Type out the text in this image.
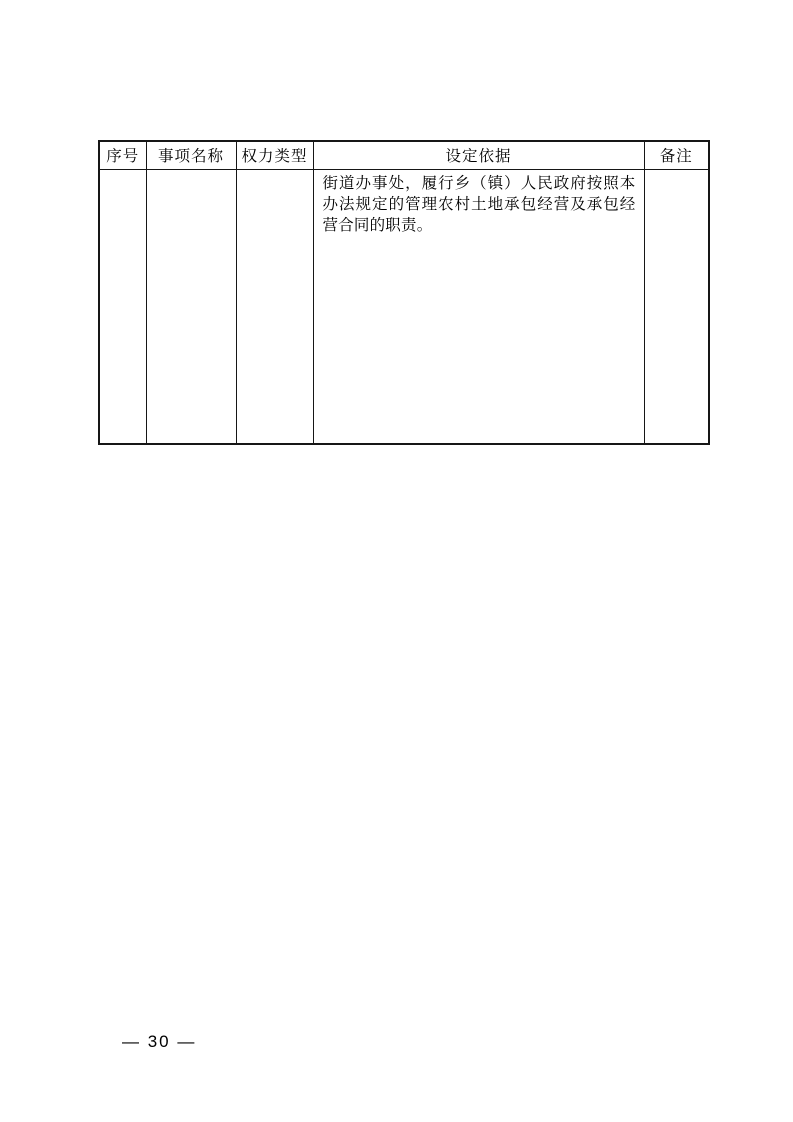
序号	事项名称	权力类型	设定依据	备注
			街道办事处，履行乡（镇）人民政府按照本办法规定的管理农村土地承包经营及承包经营合同的职责。	
— 30 —
